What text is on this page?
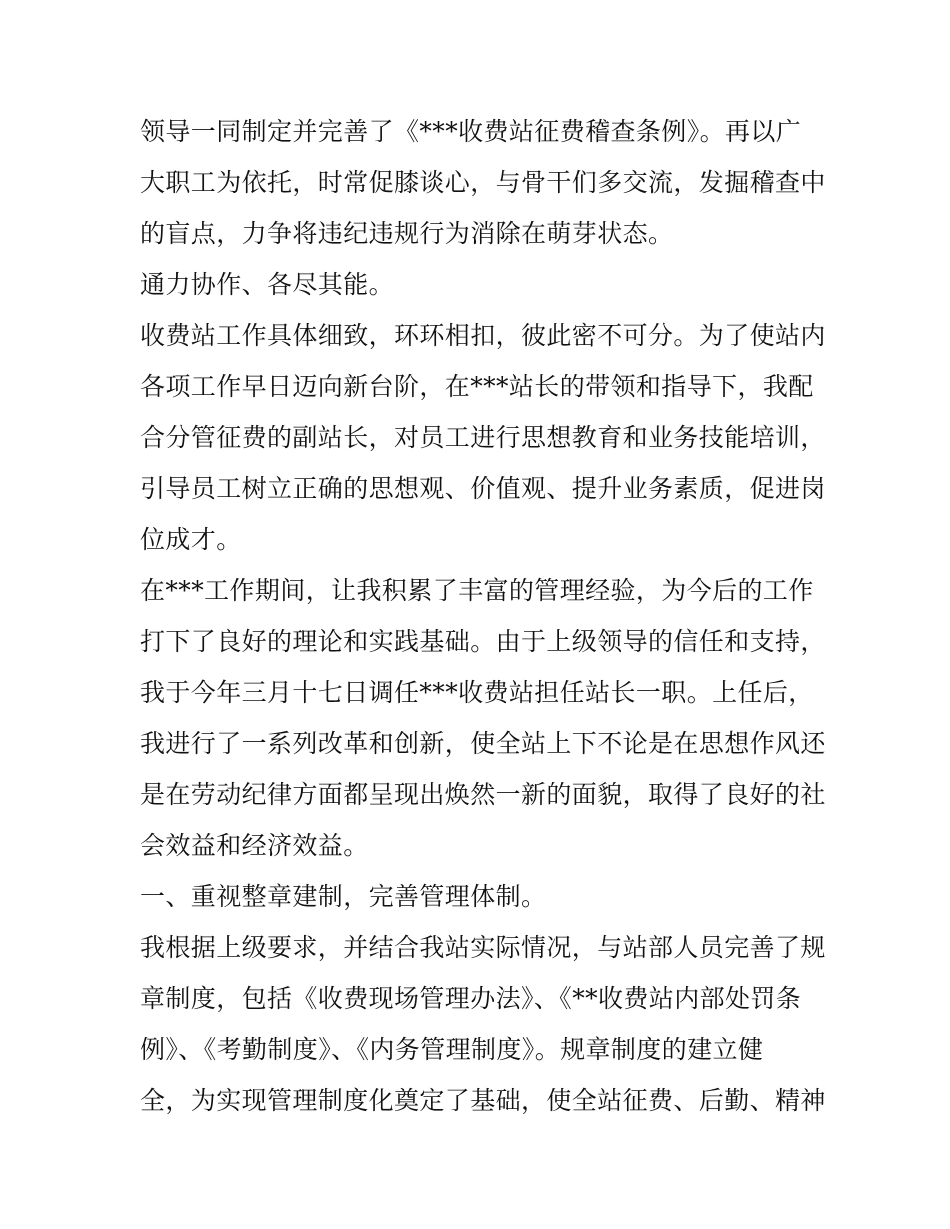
领导一同制定并完善了《***收费站征费稽查条例》。再以广
大职工为依托，时常促膝谈心，与骨干们多交流，发掘稽查中
的盲点，力争将违纪违规行为消除在萌芽状态。
通力协作、各尽其能。
收费站工作具体细致，环环相扣，彼此密不可分。为了使站内
各项工作早日迈向新台阶，在***站长的带领和指导下，我配
合分管征费的副站长，对员工进行思想教育和业务技能培训，
引导员工树立正确的思想观、价值观、提升业务素质，促进岗
位成才。
在***工作期间，让我积累了丰富的管理经验，为今后的工作
打下了良好的理论和实践基础。由于上级领导的信任和支持，
我于今年三月十七日调任***收费站担任站长一职。上任后，
我进行了一系列改革和创新，使全站上下不论是在思想作风还
是在劳动纪律方面都呈现出焕然一新的面貌，取得了良好的社
会效益和经济效益。
一、重视整章建制，完善管理体制。
我根据上级要求，并结合我站实际情况，与站部人员完善了规
章制度，包括《收费现场管理办法》、《**收费站内部处罚条
例》、《考勤制度》、《内务管理制度》。规章制度的建立健
全，为实现管理制度化奠定了基础，使全站征费、后勤、精神
